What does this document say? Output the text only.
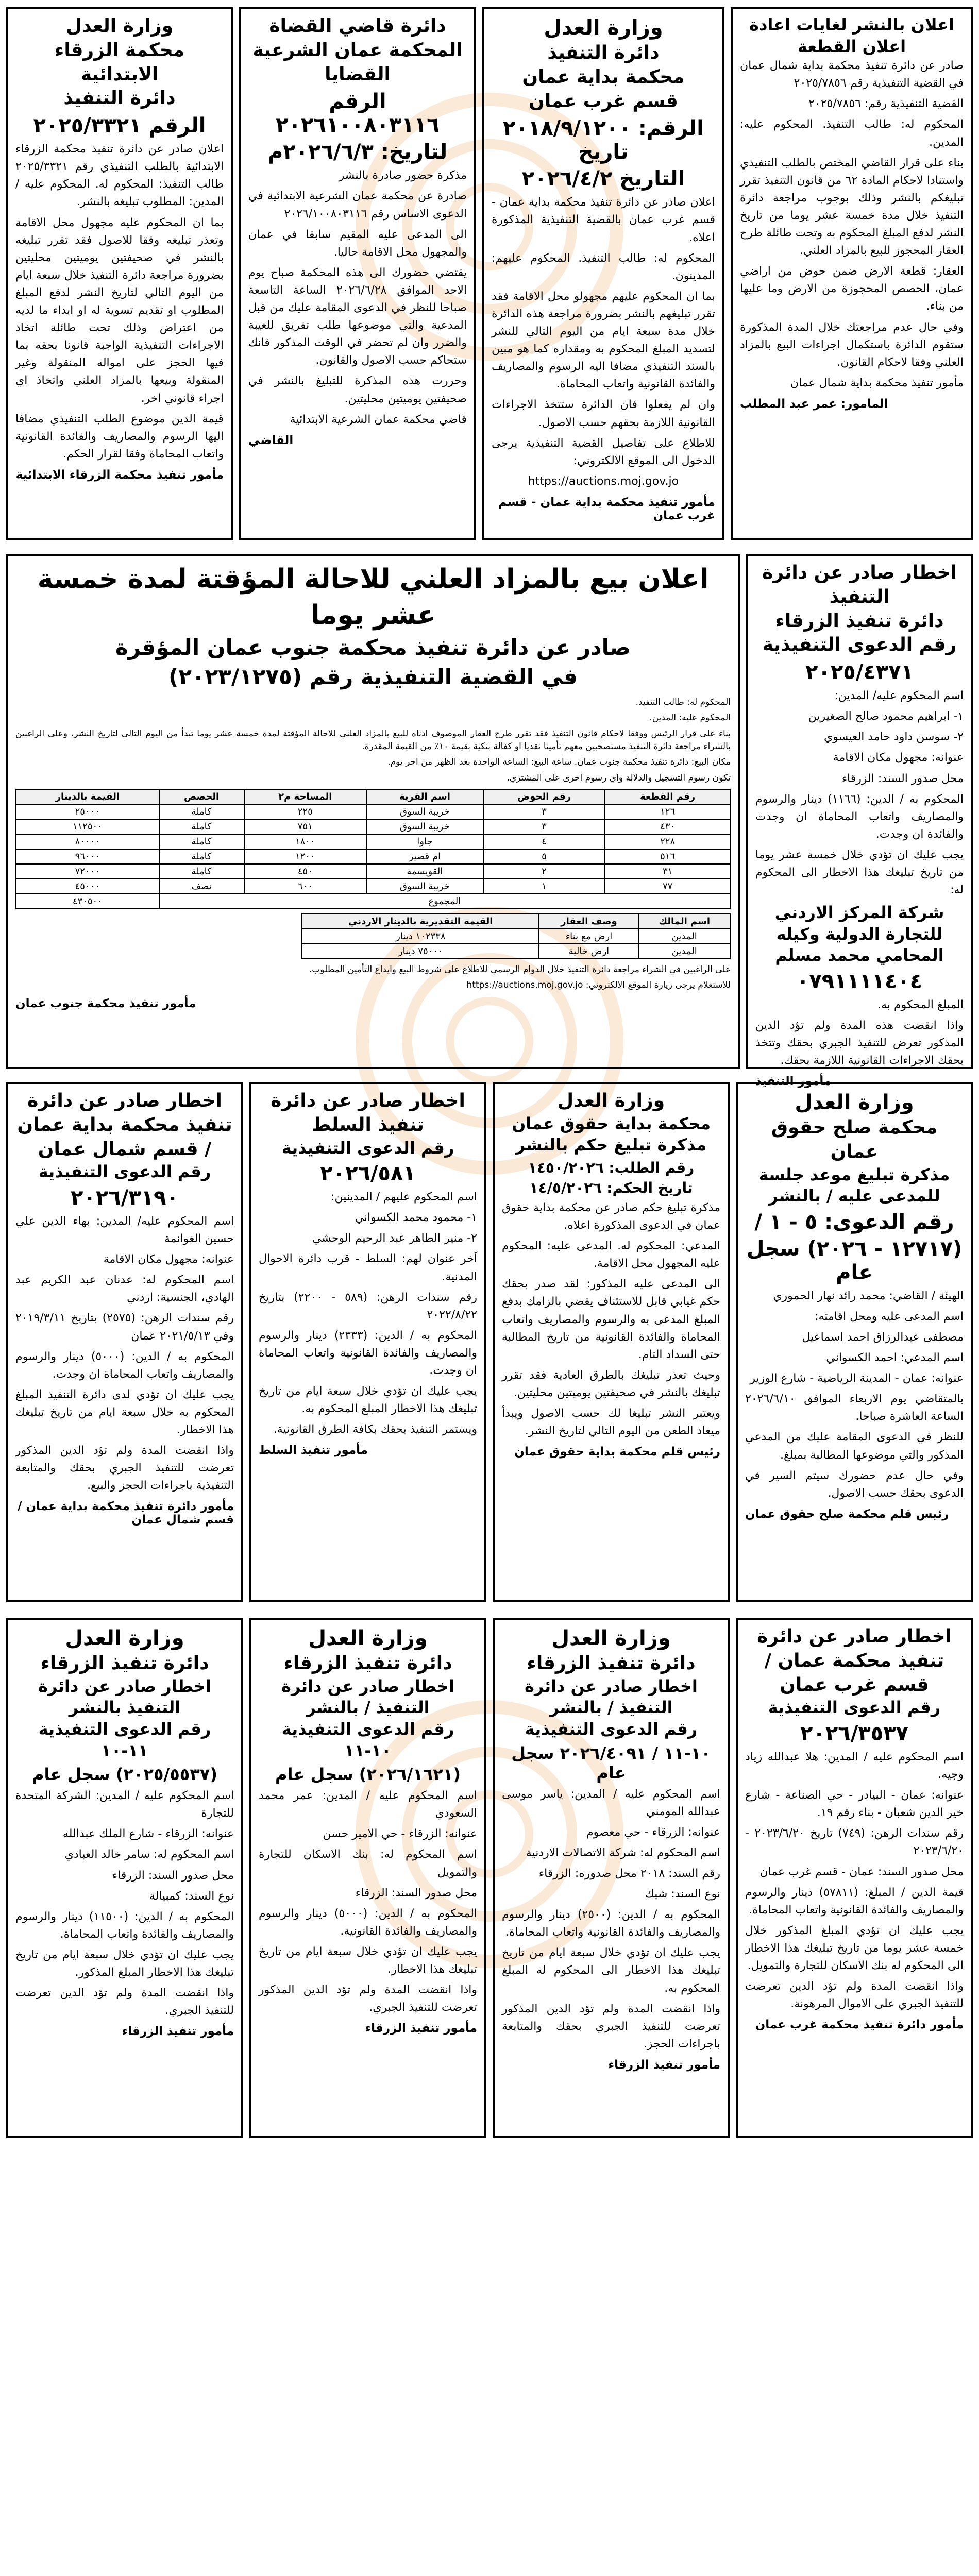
اعلان بالنشر لغايات اعادة اعلان القطعة

صادر عن دائرة تنفيذ محكمة بداية شمال عمان في القضية التنفيذية رقم ٢٠٢٥/٧٨٥٦

القضية التنفيذية رقم: ٢٠٢٥/٧٨٥٦

المحكوم له: طالب التنفيذ. المحكوم عليه: المدين.

بناء على قرار القاضي المختص بالطلب التنفيذي واستنادا لاحكام المادة ٦٢ من قانون التنفيذ تقرر تبليغكم بالنشر وذلك بوجوب مراجعة دائرة التنفيذ خلال مدة خمسة عشر يوما من تاريخ النشر لدفع المبلغ المحكوم به وتحت طائلة طرح العقار المحجوز للبيع بالمزاد العلني.

العقار: قطعة الارض ضمن حوض من اراضي عمان، الحصص المحجوزة من الارض وما عليها من بناء.

وفي حال عدم مراجعتك خلال المدة المذكورة ستقوم الدائرة باستكمال اجراءات البيع بالمزاد العلني وفقا لاحكام القانون.

مأمور تنفيذ محكمة بداية شمال عمان

المامور: عمر عبد المطلب
وزارة العدل
دائرة التنفيذ
محكمة بداية عمان
قسم غرب عمان
الرقم: ٢٠١٨/٩/١٢٠٠ تاريخ
التاريخ ٢٠٢٦/٤/٢

اعلان صادر عن دائرة تنفيذ محكمة بداية عمان - قسم غرب عمان بالقضية التنفيذية المذكورة اعلاه.

المحكوم له: طالب التنفيذ. المحكوم عليهم: المدينون.

بما ان المحكوم عليهم مجهولو محل الاقامة فقد تقرر تبليغهم بالنشر بضرورة مراجعة هذه الدائرة خلال مدة سبعة ايام من اليوم التالي للنشر لتسديد المبلغ المحكوم به ومقداره كما هو مبين بالسند التنفيذي مضافا اليه الرسوم والمصاريف والفائدة القانونية واتعاب المحاماة.

وان لم يفعلوا فان الدائرة ستتخذ الاجراءات القانونية اللازمة بحقهم حسب الاصول.

للاطلاع على تفاصيل القضية التنفيذية يرجى الدخول الى الموقع الالكتروني:

https://auctions.moj.gov.jo

مأمور تنفيذ محكمة بداية عمان - قسم غرب عمان
دائرة قاضي القضاة
المحكمة عمان الشرعية
القضايا
الرقم ٢٠٢٦١٠٠٨٠٣١١٦
لتاريخ: ٢٠٢٦/٦/٣م

مذكرة حضور صادرة بالنشر

صادرة عن محكمة عمان الشرعية الابتدائية في الدعوى الاساس رقم ٢٠٢٦/١٠٠٨٠٣١١٦

الى المدعى عليه المقيم سابقا في عمان والمجهول محل الاقامة حاليا.

يقتضي حضورك الى هذه المحكمة صباح يوم الاحد الموافق ٢٠٢٦/٦/٢٨ الساعة التاسعة صباحا للنظر في الدعوى المقامة عليك من قبل المدعية والتي موضوعها طلب تفريق للغيبة والضرر وان لم تحضر في الوقت المذكور فانك ستحاكم حسب الاصول والقانون.

وحررت هذه المذكرة للتبليغ بالنشر في صحيفتين يوميتين محليتين.

قاضي محكمة عمان الشرعية الابتدائية

القاضي
وزارة العدل
محكمة الزرقاء الابتدائية
دائرة التنفيذ
الرقم ٢٠٢٥/٣٣٢١

اعلان صادر عن دائرة تنفيذ محكمة الزرقاء الابتدائية بالطلب التنفيذي رقم ٢٠٢٥/٣٣٢١ طالب التنفيذ: المحكوم له. المحكوم عليه / المدين: المطلوب تبليغه بالنشر.

بما ان المحكوم عليه مجهول محل الاقامة وتعذر تبليغه وفقا للاصول فقد تقرر تبليغه بالنشر في صحيفتين يوميتين محليتين بضرورة مراجعة دائرة التنفيذ خلال سبعة ايام من اليوم التالي لتاريخ النشر لدفع المبلغ المطلوب او تقديم تسوية له او ابداء ما لديه من اعتراض وذلك تحت طائلة اتخاذ الاجراءات التنفيذية الواجبة قانونا بحقه بما فيها الحجز على امواله المنقولة وغير المنقولة وبيعها بالمزاد العلني واتخاذ اي اجراء قانوني اخر.

قيمة الدين موضوع الطلب التنفيذي مضافا اليها الرسوم والمصاريف والفائدة القانونية واتعاب المحاماة وفقا لقرار الحكم.

مأمور تنفيذ محكمة الزرقاء الابتدائية
اخطار صادر عن دائرة التنفيذ
دائرة تنفيذ الزرقاء
رقم الدعوى التنفيذية
٢٠٢٥/٤٣٧١

اسم المحكوم عليه/ المدين:

١- ابراهيم محمود صالح الصغيرين

٢- سوسن داود حامد العيسوي

عنوانه: مجهول مكان الاقامة

محل صدور السند: الزرقاء

المحكوم به / الدين: (١١٦٦) دينار والرسوم والمصاريف واتعاب المحاماة ان وجدت والفائدة ان وجدت.

يجب عليك ان تؤدي خلال خمسة عشر يوما من تاريخ تبليغك هذا الاخطار الى المحكوم له:

شركة المركز الاردني للتجارة الدولية وكيله المحامي محمد مسلم
٠٧٩١١١١٤٠٤

المبلغ المحكوم به.

واذا انقضت هذه المدة ولم تؤد الدين المذكور تعرض للتنفيذ الجبري بحقك وتتخذ بحقك الاجراءات القانونية اللازمة بحقك.

مأمور التنفيذ
اعلان بيع بالمزاد العلني للاحالة المؤقتة لمدة خمسة عشر يوما
صادر عن دائرة تنفيذ محكمة جنوب عمان المؤقرة
في القضية التنفيذية رقم (٢٠٢٣/١٢٧٥)

المحكوم له: طالب التنفيذ.

المحكوم عليه: المدين.

بناء على قرار الرئيس ووفقا لاحكام قانون التنفيذ فقد تقرر طرح العقار الموصوف ادناه للبيع بالمزاد العلني للاحالة المؤقتة لمدة خمسة عشر يوما تبدأ من اليوم التالي لتاريخ النشر، وعلى الراغبين بالشراء مراجعة دائرة التنفيذ مستصحبين معهم تأمينا نقديا او كفالة بنكية بقيمة ١٠٪ من القيمة المقدرة.

مكان البيع: دائرة تنفيذ محكمة جنوب عمان. ساعة البيع: الساعة الواحدة بعد الظهر من اخر يوم.

تكون رسوم التسجيل والدلالة واي رسوم اخرى على المشتري.

رقم القطعة	رقم الحوض	اسم القرية	المساحة م٢	الحصص	القيمة بالدينار
١٢٦	٣	خريبة السوق	٢٢٥	كاملة	٢٥٠٠٠
٤٣٠	٣	خريبة السوق	٧٥١	كاملة	١١٢٥٠٠
٢٢٨	٤	جاوا	١٨٠٠	كاملة	٨٠٠٠٠
٥١٦	٥	ام قصير	١٢٠٠	كاملة	٩٦٠٠٠
٣١	٢	القويسمة	٤٥٠	كاملة	٧٢٠٠٠
٧٧	١	خريبة السوق	٦٠٠	نصف	٤٥٠٠٠
المجموع					٤٣٠٥٠٠
اسم المالك	وصف العقار	القيمة التقديرية بالدينار الاردني
المدين	ارض مع بناء	١٠٢٣٣٨ دينار
المدين	ارض خالية	٧٥٠٠٠ دينار

على الراغبين في الشراء مراجعة دائرة التنفيذ خلال الدوام الرسمي للاطلاع على شروط البيع وايداع التأمين المطلوب.

للاستعلام يرجى زيارة الموقع الالكتروني: https://auctions.moj.gov.jo

مأمور تنفيذ محكمة جنوب عمان
وزارة العدل
محكمة صلح حقوق عمان
مذكرة تبليغ موعد جلسة للمدعى عليه / بالنشر
رقم الدعوى: ٥ - ١ /
(١٢٧١٧ - ٢٠٢٦) سجل عام

الهيئة / القاضي: محمد رائد نهار الحموري

اسم المدعى عليه ومحل اقامته:

مصطفى عبدالرزاق احمد اسماعيل

اسم المدعي: احمد الكسواني

عنوانه: عمان - المدينة الرياضية - شارع الوزير

بالمتقاضي يوم الاربعاء الموافق ٢٠٢٦/٦/١٠ الساعة العاشرة صباحا.

للنظر في الدعوى المقامة عليك من المدعي المذكور والتي موضوعها المطالبة بمبلغ.

وفي حال عدم حضورك سيتم السير في الدعوى بحقك حسب الاصول.

رئيس قلم محكمة صلح حقوق عمان
وزارة العدل
محكمة بداية حقوق عمان
مذكرة تبليغ حكم بالنشر
رقم الطلب: ١٤٥٠/٢٠٢٦
تاريخ الحكم: ١٤/٥/٢٠٢٦

مذكرة تبليغ حكم صادر عن محكمة بداية حقوق عمان في الدعوى المذكورة اعلاه.

المدعي: المحكوم له. المدعى عليه: المحكوم عليه المجهول محل الاقامة.

الى المدعى عليه المذكور: لقد صدر بحقك حكم غيابي قابل للاستئناف يقضي بالزامك بدفع المبلغ المدعى به والرسوم والمصاريف واتعاب المحاماة والفائدة القانونية من تاريخ المطالبة حتى السداد التام.

وحيث تعذر تبليغك بالطرق العادية فقد تقرر تبليغك بالنشر في صحيفتين يوميتين محليتين.

ويعتبر النشر تبليغا لك حسب الاصول ويبدأ ميعاد الطعن من اليوم التالي لتاريخ النشر.

رئيس قلم محكمة بداية حقوق عمان
اخطار صادر عن دائرة تنفيذ السلط
رقم الدعوى التنفيذية
٢٠٢٦/٥٨١

اسم المحكوم عليهم / المدينين:

١- محمود محمد الكسواني

٢- منير الطاهر عبد الرحيم الوحشي

آخر عنوان لهم: السلط - قرب دائرة الاحوال المدنية.

رقم سندات الرهن: (٥٨٩ - ٢٢٠٠) بتاريخ ٢٠٢٢/٨/٢٢

المحكوم به / الدين: (٢٣٣٣) دينار والرسوم والمصاريف والفائدة القانونية واتعاب المحاماة ان وجدت.

يجب عليك ان تؤدي خلال سبعة ايام من تاريخ تبليغك هذا الاخطار المبلغ المحكوم به.

ويستمر التنفيذ بحقك بكافة الطرق القانونية.

مأمور تنفيذ السلط
اخطار صادر عن دائرة تنفيذ محكمة بداية عمان
/ قسم شمال عمان
رقم الدعوى التنفيذية
٢٠٢٦/٣١٩٠

اسم المحكوم عليه/ المدين: بهاء الدين علي حسين الغوانمة

عنوانه: مجهول مكان الاقامة

اسم المحكوم له: عدنان عبد الكريم عبد الهادي، الجنسية: اردني

رقم سندات الرهن: (٢٥٧٥) بتاريخ ٢٠١٩/٣/١١ وفي ٢٠٢١/٥/١٣ عمان

المحكوم به / الدين: (٥٠٠٠) دينار والرسوم والمصاريف واتعاب المحاماة ان وجدت.

يجب عليك ان تؤدي لدى دائرة التنفيذ المبلغ المحكوم به خلال سبعة ايام من تاريخ تبليغك هذا الاخطار.

واذا انقضت المدة ولم تؤد الدين المذكور تعرضت للتنفيذ الجبري بحقك والمتابعة التنفيذية باجراءات الحجز والبيع.

مأمور دائرة تنفيذ محكمة بداية عمان / قسم شمال عمان
اخطار صادر عن دائرة تنفيذ محكمة عمان /
قسم غرب عمان
رقم الدعوى التنفيذية
٢٠٢٦/٣٥٣٧

اسم المحكوم عليه / المدين: هلا عبدالله زياد وجيه.

عنوانه: عمان - البيادر - حي الصناعة - شارع خير الدين شعبان - بناء رقم ١٩.

رقم سندات الرهن: (٧٤٩) تاريخ ٢٠٢٣/٦/٢٠ - ٢٠٢٣/٦/٢٠

محل صدور السند: عمان - قسم غرب عمان

قيمة الدين / المبلغ: (٥٧٨١١) دينار والرسوم والمصاريف والفائدة القانونية واتعاب المحاماة.

يجب عليك ان تؤدي المبلغ المذكور خلال خمسة عشر يوما من تاريخ تبليغك هذا الاخطار الى المحكوم له بنك الاسكان للتجارة والتمويل.

واذا انقضت المدة ولم تؤد الدين تعرضت للتنفيذ الجبري على الاموال المرهونة.

مأمور دائرة تنفيذ محكمة غرب عمان
وزارة العدل
دائرة تنفيذ الزرقاء
اخطار صادر عن دائرة التنفيذ / بالنشر
رقم الدعوى التنفيذية
١٠-١١ / ٢٠٢٦/٤٠٩١ سجل عام

اسم المحكوم عليه / المدين: ياسر موسى عبدالله المومني

عنوانه: الزرقاء - حي معصوم

اسم المحكوم له: شركة الاتصالات الاردنية

رقم السند: ٢٠١٨ محل صدوره: الزرقاء

نوع السند: شيك

المحكوم به / الدين: (٢٥٠٠) دينار والرسوم والمصاريف والفائدة القانونية واتعاب المحاماة.

يجب عليك ان تؤدي خلال سبعة ايام من تاريخ تبليغك هذا الاخطار الى المحكوم له المبلغ المحكوم به.

واذا انقضت المدة ولم تؤد الدين المذكور تعرضت للتنفيذ الجبري بحقك والمتابعة باجراءات الحجز.

مأمور تنفيذ الزرقاء
وزارة العدل
دائرة تنفيذ الزرقاء
اخطار صادر عن دائرة التنفيذ / بالنشر
رقم الدعوى التنفيذية ١٠-١١
(٢٠٢٦/١٦٢١) سجل عام

اسم المحكوم عليه / المدين: عمر محمد السعودي

عنوانه: الزرقاء - حي الامير حسن

اسم المحكوم له: بنك الاسكان للتجارة والتمويل

محل صدور السند: الزرقاء

المحكوم به / الدين: (٥٠٠٠) دينار والرسوم والمصاريف والفائدة القانونية.

يجب عليك ان تؤدي خلال سبعة ايام من تاريخ تبليغك هذا الاخطار.

واذا انقضت المدة ولم تؤد الدين المذكور تعرضت للتنفيذ الجبري.

مأمور تنفيذ الزرقاء
وزارة العدل
دائرة تنفيذ الزرقاء
اخطار صادر عن دائرة التنفيذ بالنشر
رقم الدعوى التنفيذية ١١-١٠
(٢٠٢٥/٥٥٣٧) سجل عام

اسم المحكوم عليه / المدين: الشركة المتحدة للتجارة

عنوانه: الزرقاء - شارع الملك عبدالله

اسم المحكوم له: سامر خالد العبادي

محل صدور السند: الزرقاء

نوع السند: كمبيالة

المحكوم به / الدين: (١١٥٠٠) دينار والرسوم والمصاريف والفائدة واتعاب المحاماة.

يجب عليك ان تؤدي خلال سبعة ايام من تاريخ تبليغك هذا الاخطار المبلغ المذكور.

واذا انقضت المدة ولم تؤد الدين تعرضت للتنفيذ الجبري.

مأمور تنفيذ الزرقاء
